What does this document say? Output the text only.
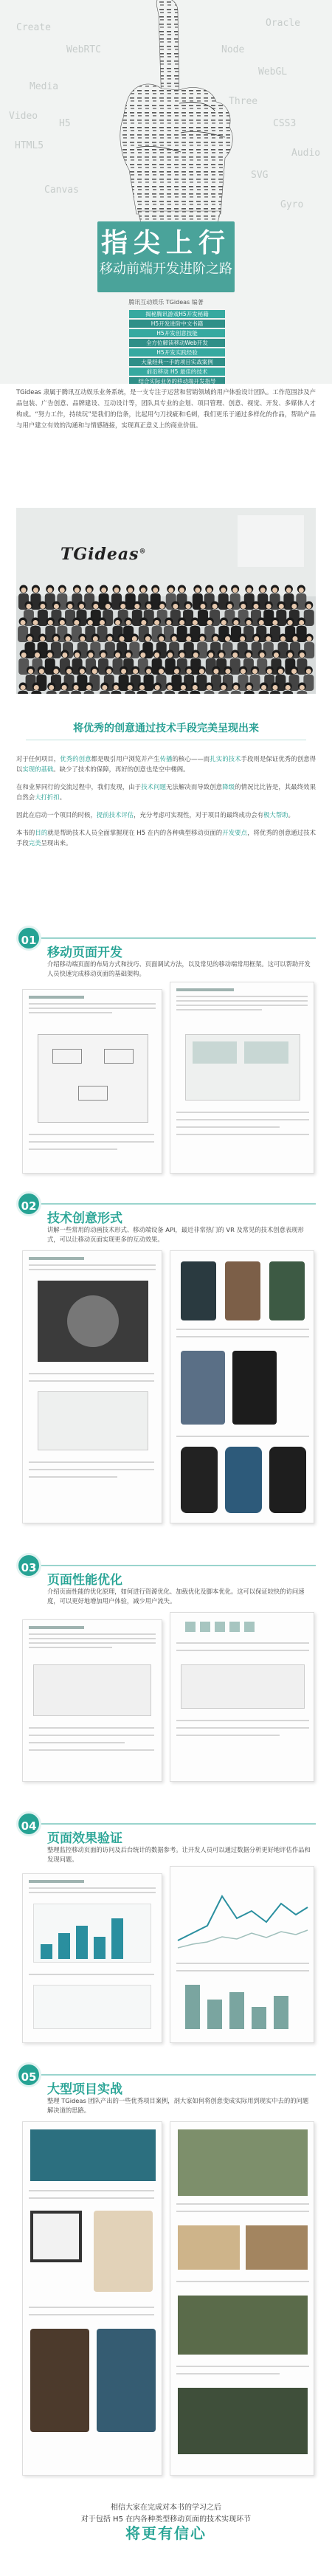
Create	Oracle
Media
WebGL
HTML5
CSS3
Canvas
SVG
WebRTC	Node
Video
Audio
H5
Three
Gyro
指尖上行
移动前端开发进阶之路
腾讯互动娱乐 TGideas 编著
揭秘腾讯游戏H5开发秘籍
H5开发进阶中文书籍
H5开发创意技能
全方位解读移动Web开发
H5开发实践经验
大量经典一手的项目实战案例
前沿移动 H5 最佳的技术
结合实际业务的移动端开发指导

TGideas 隶属于腾讯互动娱乐业务系统，是一支专注于运营和营销领域的用户体验设计团队。工作范围涉及产品包装、广告创意、品牌建设、互动设计等，团队具专业的企划、项目管理、创意、视觉、开发、多媒体人才构成。“努力工作，持续玩”是我们的信条，比起用勺刀找疵和毛刺，我们更乐于通过多样化的作品，帮助产品与用户建立有效的沟通和与情感链接，实现真正意义上的商业价值。

TGideas®
将优秀的创意通过技术手段完美呈现出来

对于任何项目，优秀的创意都是吸引用户浏览并产生传播的核心——而扎实的技术手段则是保证优秀的创意得以实现的基础。缺少了技术的保障，再好的创意也是空中楼阁。

在和业界同行的交流过程中，我们发现，由于技术问题无法解决而导致创意降级的情况比比皆是，其最终效果自然会大打折扣。

因此在启动一个项目的时候，提前技术评估，充分考虑可实现性，对于项目的最终成功会有极大帮助。

本书的目的就是帮助技术人员全面掌握现在 H5 在内的各种典型移动页面的开发要点，将优秀的创意通过技术手段完美呈现出来。

01
移动页面开发
介绍移动端页面的布局方式和技巧、页面调试方法，以及常见的移动端常用框架。这可以帮助开发人员快速完成移动页面的基础架构。
02
技术创意形式
讲解一些常用的动画技术形式、移动端设备 API，最近非常热门的 VR 及常见的技术创意表现形式，可以让移动页面实现更多的互动效果。
03
页面性能优化
介绍页面性能的优化原理，如何进行资源优化、加载优化及脚本优化。这可以保证较快的访问速度，可以更好地增加用户体验，减少用户流失。
04
页面效果验证
整理监控移动页面的访问及后台统计的数据参考。让开发人员可以通过数据分析更好地评估作品和发现问题。
05
大型项目实战
整理 TGideas 团队产出的一些优秀项目案例，剖大家如何将创意变成实际用到现实中去的的问题解决道的思路。

相信大家在完成对本书的学习之后

对于包括 H5 在内各种类型移动页面的技术实现环节

将更有信心
